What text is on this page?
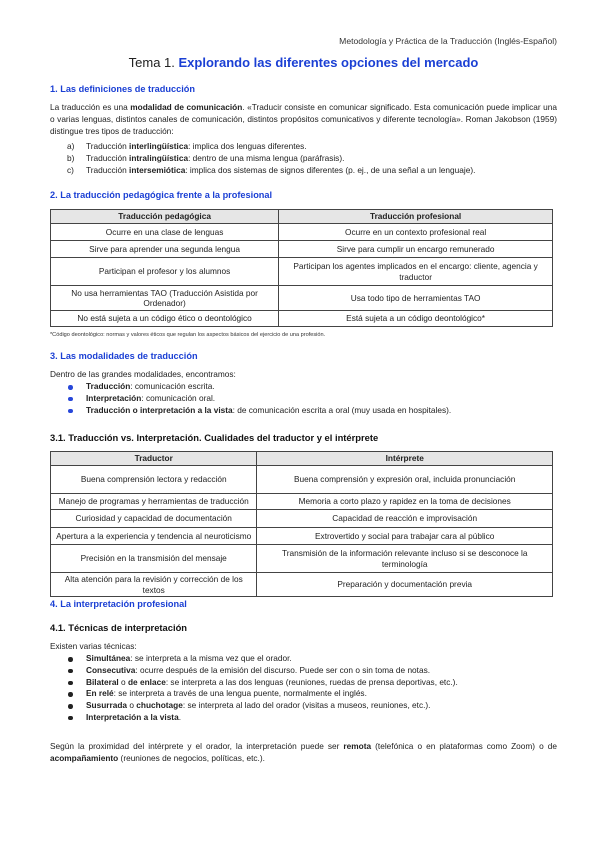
Metodología y Práctica de la Traducción (Inglés-Español)
Tema 1. Explorando las diferentes opciones del mercado
1. Las definiciones de traducción
La traducción es una modalidad de comunicación. «Traducir consiste en comunicar significado. Esta comunicación puede implicar una o varias lenguas, distintos canales de comunicación, distintos propósitos comunicativos y diferente tecnología». Roman Jakobson (1959) distingue tres tipos de traducción:
a) Traducción interlingüística: implica dos lenguas diferentes.
b) Traducción intralingüística: dentro de una misma lengua (paráfrasis).
c) Traducción intersemiótica: implica dos sistemas de signos diferentes (p. ej., de una señal a un lenguaje).
2. La traducción pedagógica frente a la profesional
Traducción pedagógica	Traducción profesional
Ocurre en una clase de lenguas	Ocurre en un contexto profesional real
Sirve para aprender una segunda lengua	Sirve para cumplir un encargo remunerado
Participan el profesor y los alumnos	Participan los agentes implicados en el encargo: cliente, agencia y traductor
No usa herramientas TAO (Traducción Asistida por Ordenador)	Usa todo tipo de herramientas TAO
No está sujeta a un código ético o deontológico	Está sujeta a un código deontológico*
*Código deontológico: normas y valores éticos que regulan los aspectos básicos del ejercicio de una profesión.
3. Las modalidades de traducción
Dentro de las grandes modalidades, encontramos:
Traducción: comunicación escrita.
Interpretación: comunicación oral.
Traducción o interpretación a la vista: de comunicación escrita a oral (muy usada en hospitales).
3.1. Traducción vs. Interpretación. Cualidades del traductor y el intérprete
Traductor	Intérprete
Buena comprensión lectora y redacción	Buena comprensión y expresión oral, incluida pronunciación
Manejo de programas y herramientas de traducción	Memoria a corto plazo y rapidez en la toma de decisiones
Curiosidad y capacidad de documentación	Capacidad de reacción e improvisación
Apertura a la experiencia y tendencia al neuroticismo	Extrovertido y social para trabajar cara al público
Precisión en la transmisión del mensaje	Transmisión de la información relevante incluso si se desconoce la terminología
Alta atención para la revisión y corrección de los textos	Preparación y documentación previa
4. La interpretación profesional
4.1. Técnicas de interpretación
Existen varias técnicas:
Simultánea: se interpreta a la misma vez que el orador.
Consecutiva: ocurre después de la emisión del discurso. Puede ser con o sin toma de notas.
Bilateral o de enlace: se interpreta a las dos lenguas (reuniones, ruedas de prensa deportivas, etc.).
En relé: se interpreta a través de una lengua puente, normalmente el inglés.
Susurrada o chuchotage: se interpreta al lado del orador (visitas a museos, reuniones, etc.).
Interpretación a la vista.
Según la proximidad del intérprete y el orador, la interpretación puede ser remota (telefónica o en plataformas como Zoom) o de acompañamiento (reuniones de negocios, políticas, etc.).
